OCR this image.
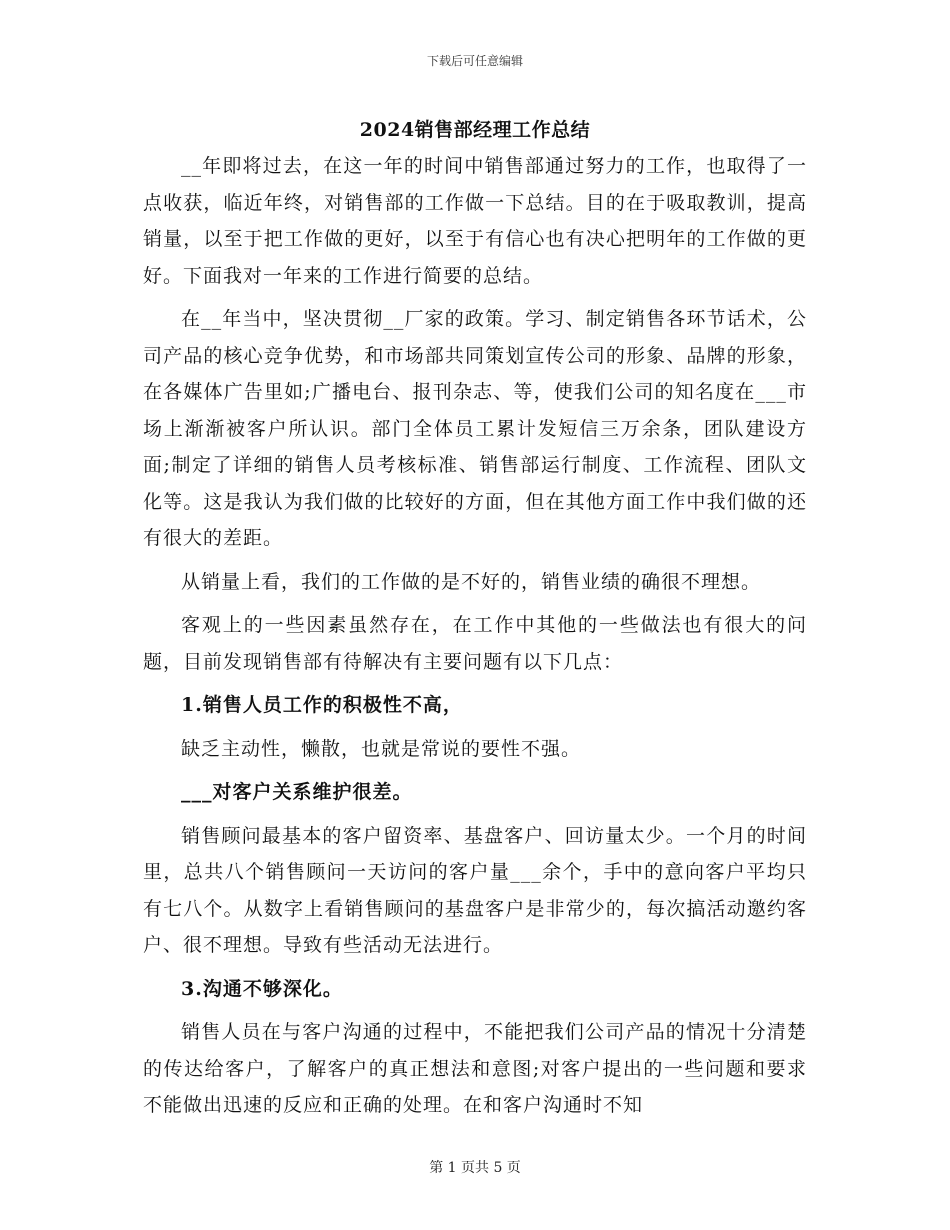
下载后可任意编辑
2024销售部经理工作总结

__年即将过去，在这一年的时间中销售部通过努力的工作，也取得了一点收获，临近年终，对销售部的工作做一下总结。目的在于吸取教训，提高销量，以至于把工作做的更好，以至于有信心也有决心把明年的工作做的更好。下面我对一年来的工作进行简要的总结。

在__年当中，坚决贯彻__厂家的政策。学习、制定销售各环节话术，公司产品的核心竞争优势，和市场部共同策划宣传公司的形象、品牌的形象，在各媒体广告里如;广播电台、报刊杂志、等，使我们公司的知名度在___市场上渐渐被客户所认识。部门全体员工累计发短信三万余条，团队建设方面;制定了详细的销售人员考核标准、销售部运行制度、工作流程、团队文化等。这是我认为我们做的比较好的方面，但在其他方面工作中我们做的还有很大的差距。

从销量上看，我们的工作做的是不好的，销售业绩的确很不理想。

客观上的一些因素虽然存在，在工作中其他的一些做法也有很大的问题，目前发现销售部有待解决有主要问题有以下几点：

1.销售人员工作的积极性不高，

缺乏主动性，懒散，也就是常说的要性不强。

___对客户关系维护很差。

销售顾问最基本的客户留资率、基盘客户、回访量太少。一个月的时间里，总共八个销售顾问一天访问的客户量___余个，手中的意向客户平均只有七八个。从数字上看销售顾问的基盘客户是非常少的，每次搞活动邀约客户、很不理想。导致有些活动无法进行。

3.沟通不够深化。

销售人员在与客户沟通的过程中，不能把我们公司产品的情况十分清楚的传达给客户，了解客户的真正想法和意图;对客户提出的一些问题和要求不能做出迅速的反应和正确的处理。在和客户沟通时不知

第 1 页共 5 页
